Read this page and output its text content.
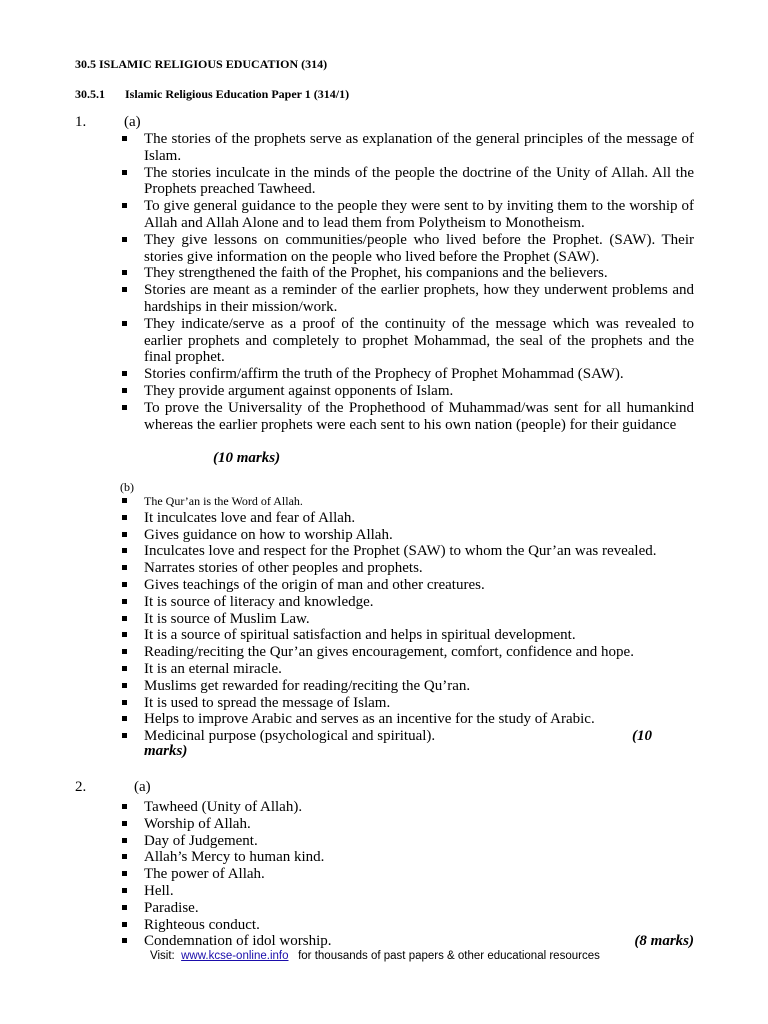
30.5 ISLAMIC RELIGIOUS EDUCATION (314)
30.5.1 Islamic Religious Education Paper 1 (314/1)
1.	(a)
The stories of the prophets serve as explanation of the general principles of the message of Islam.
The stories inculcate in the minds of the people the doctrine of the Unity of Allah. All the Prophets preached Tawheed.
To give general guidance to the people they were sent to by inviting them to the worship of Allah and Allah Alone and to lead them from Polytheism to Monotheism.
They give lessons on communities/people who lived before the Prophet. (SAW). Their stories give information on the people who lived before the Prophet (SAW).
They strengthened the faith of the Prophet, his companions and the believers.
Stories are meant as a reminder of the earlier prophets, how they underwent problems and hardships in their mission/work.
They indicate/serve as a proof of the continuity of the message which was revealed to earlier prophets and completely to prophet Mohammad, the seal of the prophets and the final prophet.
Stories confirm/affirm the truth of the Prophecy of Prophet Mohammad (SAW).
They provide argument against opponents of Islam.
To prove the Universality of the Prophethood of Muhammad/was sent for all humankind whereas the earlier prophets were each sent to his own nation (people) for their guidance
(10 marks)
(b)
The Qur’an is the Word of Allah.
It inculcates love and fear of Allah.
Gives guidance on how to worship Allah.
Inculcates love and respect for the Prophet (SAW) to whom the Qur’an was revealed.
Narrates stories of other peoples and prophets.
Gives teachings of the origin of man and other creatures.
It is source of literacy and knowledge.
It is source of Muslim Law.
It is a source of spiritual satisfaction and helps in spiritual development.
Reading/reciting the Qur’an gives encouragement, comfort, confidence and hope.
It is an eternal miracle.
Muslims get rewarded for reading/reciting the Qu’ran.
It is used to spread the message of Islam.
Helps to improve Arabic and serves as an incentive for the study of Arabic.
Medicinal purpose (psychological and spiritual).	(10
marks)
2.	(a)
Tawheed (Unity of Allah).
Worship of Allah.
Day of Judgement.
Allah’s Mercy to human kind.
The power of Allah.
Hell.
Paradise.
Righteous conduct.
Condemnation of idol worship.	(8 marks)
Visit: www.kcse-online.info for thousands of past papers & other educational resources
